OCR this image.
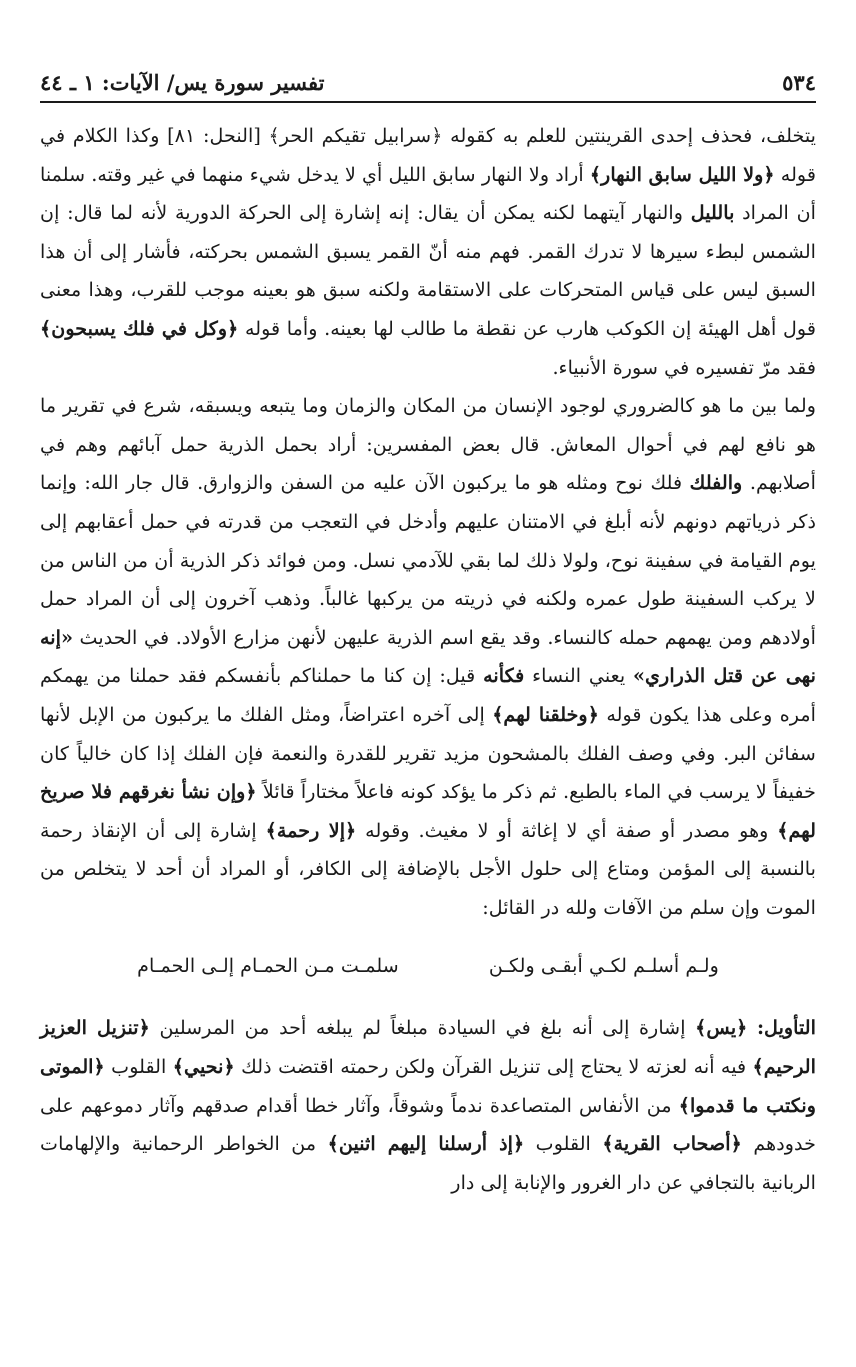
٥٣٤
تفسير سورة يس/ الآيات: ١ ـ ٤٤

يتخلف، فحذف إحدى القرينتين للعلم به كقوله ﴿سرابيل تقيكم الحر﴾ [النحل: ٨١] وكذا الكلام في قوله ﴿ولا الليل سابق النهار﴾ أراد ولا النهار سابق الليل أي لا يدخل شيء منهما في غير وقته. سلمنا أن المراد بالليل والنهار آيتهما لكنه يمكن أن يقال: إنه إشارة إلى الحركة الدورية لأنه لما قال: إن الشمس لبطء سيرها لا تدرك القمر. فهم منه أنّ القمر يسبق الشمس بحركته، فأشار إلى أن هذا السبق ليس على قياس المتحركات على الاستقامة ولكنه سبق هو بعينه موجب للقرب، وهذا معنى قول أهل الهيئة إن الكوكب هارب عن نقطة ما طالب لها بعينه. وأما قوله ﴿وكل في فلك يسبحون﴾ فقد مرّ تفسيره في سورة الأنبياء.

ولما بين ما هو كالضروري لوجود الإنسان من المكان والزمان وما يتبعه ويسبقه، شرع في تقرير ما هو نافع لهم في أحوال المعاش. قال بعض المفسرين: أراد بحمل الذرية حمل آبائهم وهم في أصلابهم. والفلك فلك نوح ومثله هو ما يركبون الآن عليه من السفن والزوارق. قال جار الله: وإنما ذكر ذرياتهم دونهم لأنه أبلغ في الامتنان عليهم وأدخل في التعجب من قدرته في حمل أعقابهم إلى يوم القيامة في سفينة نوح، ولولا ذلك لما بقي للآدمي نسل. ومن فوائد ذكر الذرية أن من الناس من لا يركب السفينة طول عمره ولكنه في ذريته من يركبها غالباً. وذهب آخرون إلى أن المراد حمل أولادهم ومن يهمهم حمله كالنساء. وقد يقع اسم الذرية عليهن لأنهن مزارع الأولاد. في الحديث «إنه نهى عن قتل الذراري» يعني النساء فكأنه قيل: إن كنا ما حملناكم بأنفسكم فقد حملنا من يهمكم أمره وعلى هذا يكون قوله ﴿وخلقنا لهم﴾ إلى آخره اعتراضاً، ومثل الفلك ما يركبون من الإبل لأنها سفائن البر. وفي وصف الفلك بالمشحون مزيد تقرير للقدرة والنعمة فإن الفلك إذا كان خالياً كان خفيفاً لا يرسب في الماء بالطبع. ثم ذكر ما يؤكد كونه فاعلاً مختاراً قائلاً ﴿وإن نشأ نغرقهم فلا صريخ لهم﴾ وهو مصدر أو صفة أي لا إغاثة أو لا مغيث. وقوله ﴿إلا رحمة﴾ إشارة إلى أن الإنقاذ رحمة بالنسبة إلى المؤمن ومتاع إلى حلول الأجل بالإضافة إلى الكافر، أو المراد أن أحد لا يتخلص من الموت وإن سلم من الآفات ولله در القائل:

ولـم أسلـم لكـي أبقـى ولكـن
سلمـت مـن الحمـام إلـى الحمـام

التأويل: ﴿يس﴾ إشارة إلى أنه بلغ في السيادة مبلغاً لم يبلغه أحد من المرسلين ﴿تنزيل العزيز الرحيم﴾ فيه أنه لعزته لا يحتاج إلى تنزيل القرآن ولكن رحمته اقتضت ذلك ﴿نحيي﴾ القلوب ﴿الموتى ونكتب ما قدموا﴾ من الأنفاس المتصاعدة ندماً وشوقاً، وآثار خطا أقدام صدقهم وآثار دموعهم على خدودهم ﴿أصحاب القرية﴾ القلوب ﴿إذ أرسلنا إليهم اثنين﴾ من الخواطر الرحمانية والإلهامات الربانية بالتجافي عن دار الغرور والإنابة إلى دار
